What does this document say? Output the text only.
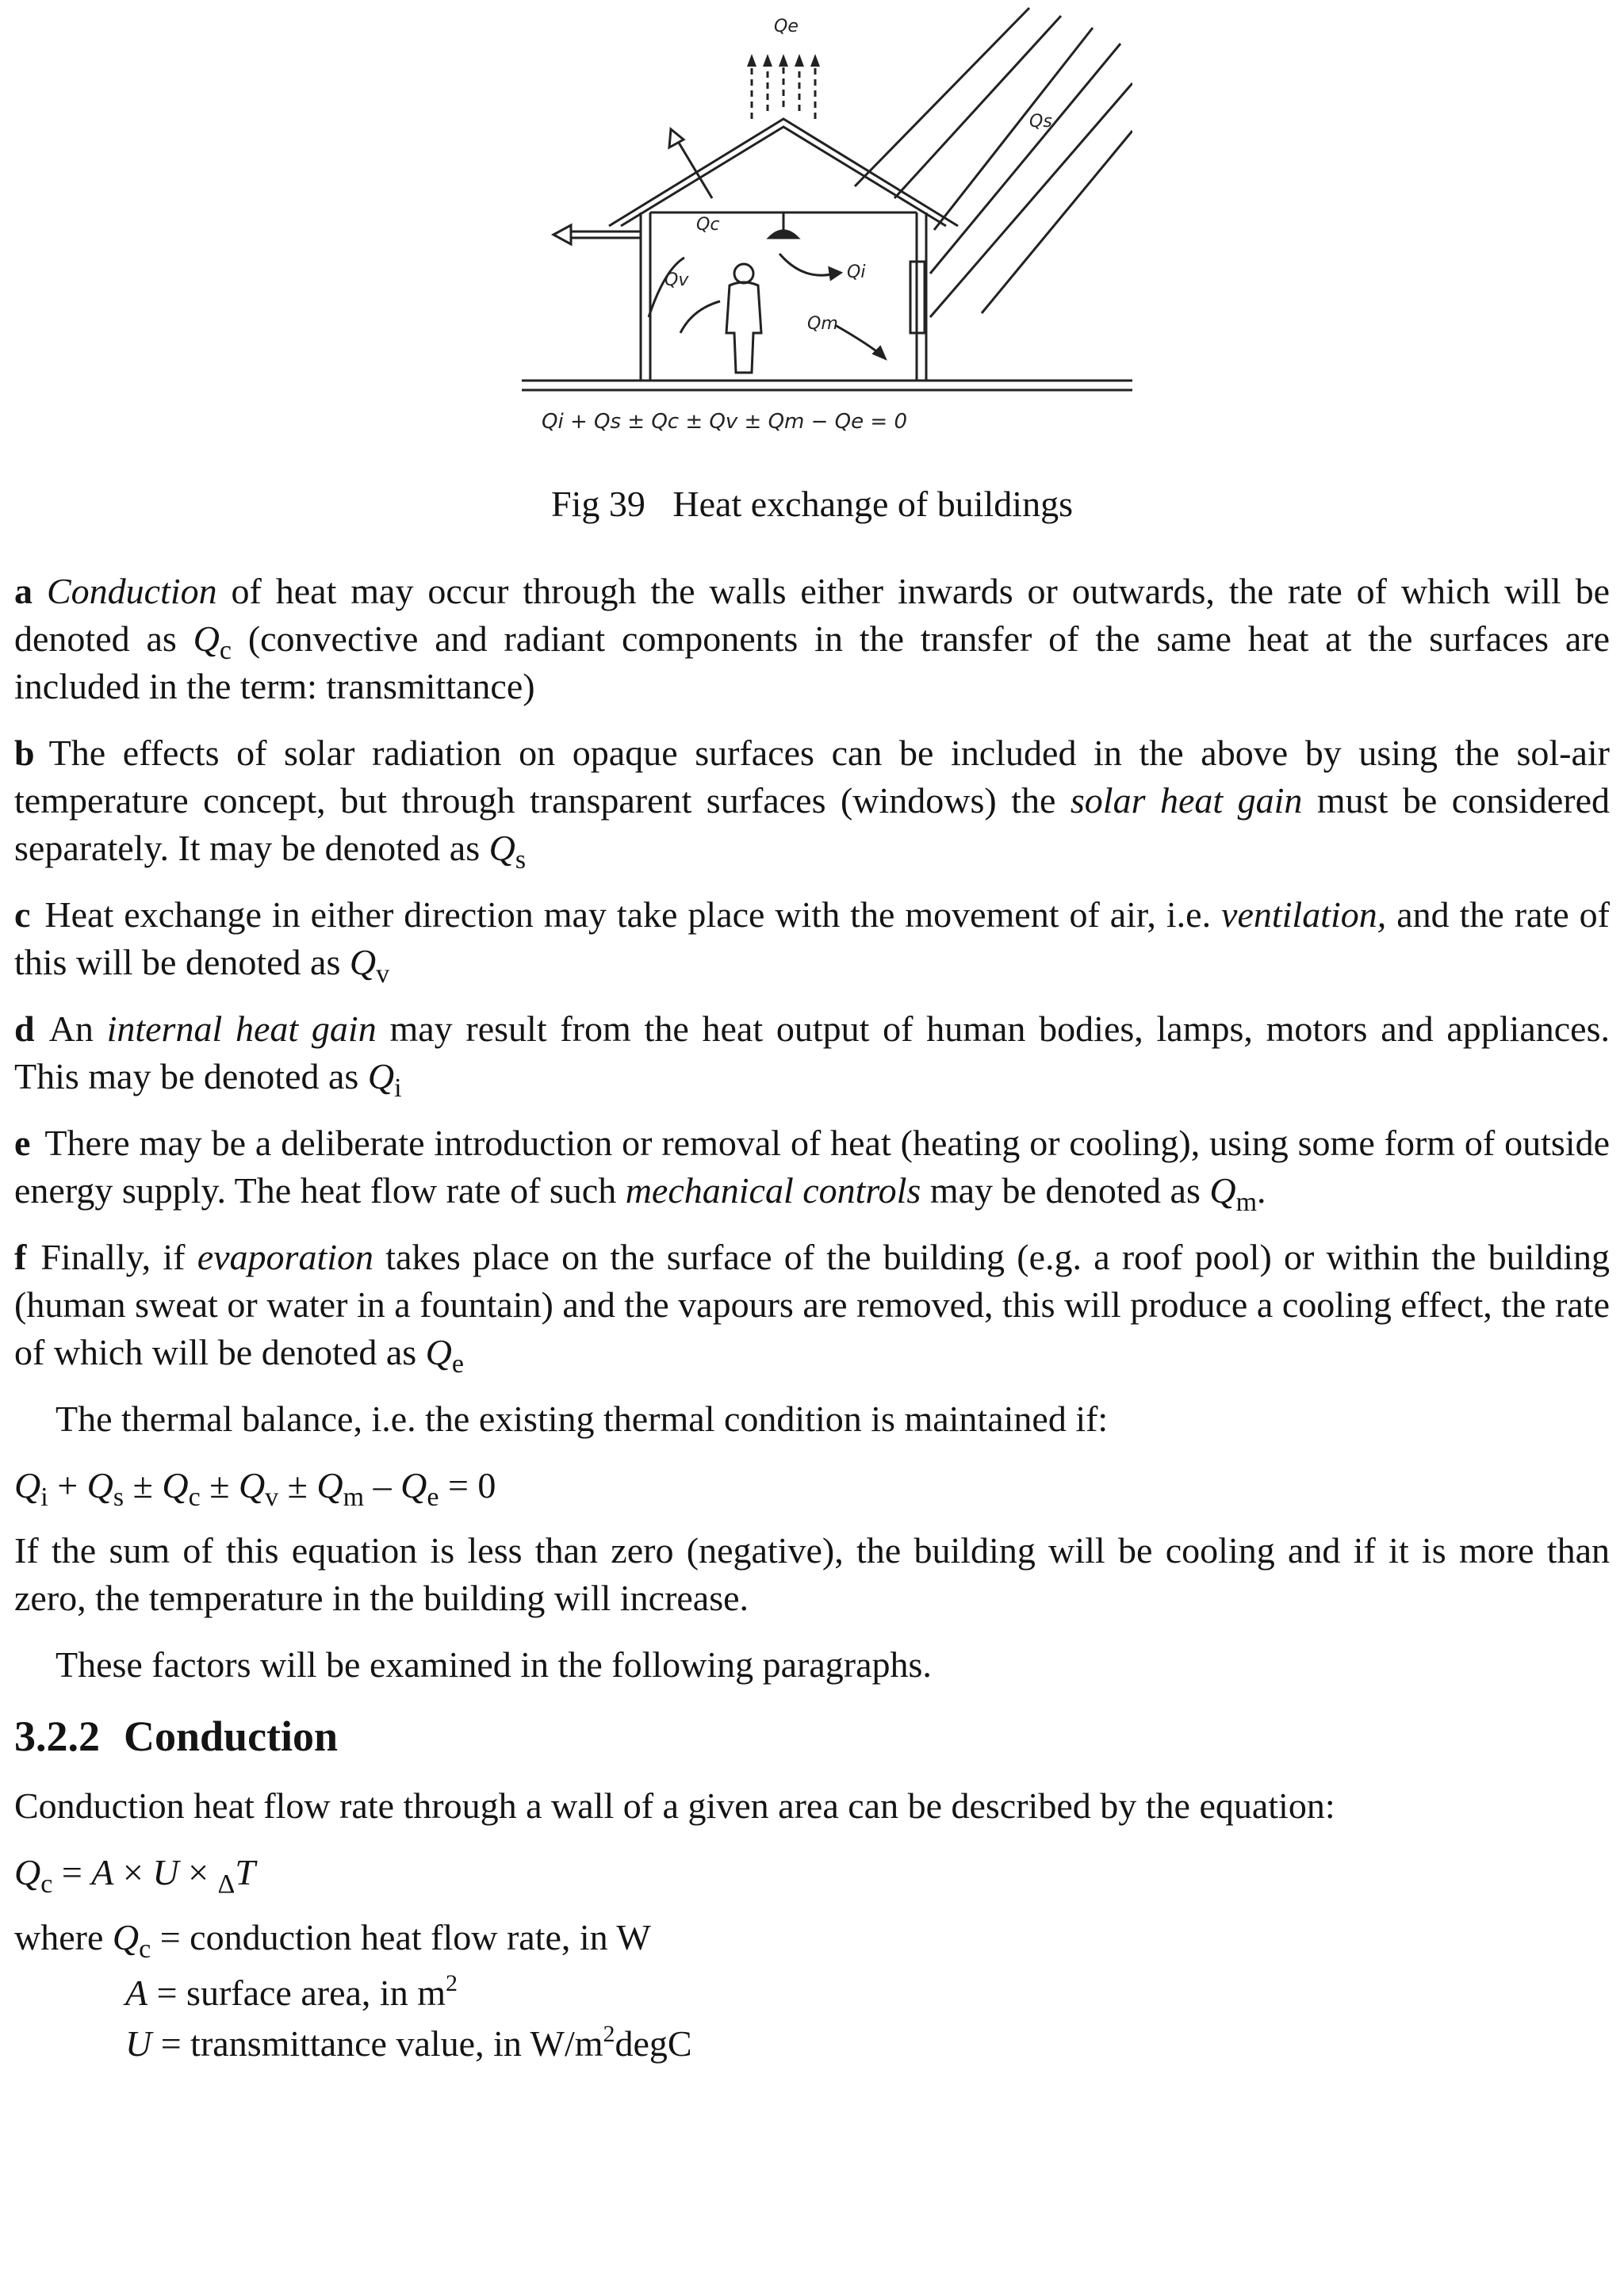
Qe
Qs
Qc
Qv	Qi
Qm
Qi + Qs ± Qc ± Qv ± Qm − Qe = 0
Fig 39 Heat exchange of buildings

a Conduction of heat may occur through the walls either inwards or outwards, the rate of which will be denoted as $Q_c$ (convective and radiant components in the transfer of the same heat at the surfaces are included in the term: transmittance)

b The effects of solar radiation on opaque surfaces can be included in the above by using the sol-air temperature concept, but through transparent surfaces (windows) the solar heat gain must be considered separately. It may be denoted as $Q_s$

c Heat exchange in either direction may take place with the movement of air, i.e. ventilation, and the rate of this will be denoted as $Q_v$

d An internal heat gain may result from the heat output of human bodies, lamps, motors and appliances. This may be denoted as $Q_i$

e There may be a deliberate introduction or removal of heat (heating or cooling), using some form of outside energy supply. The heat flow rate of such mechanical controls may be denoted as $Q_m$.

f Finally, if evaporation takes place on the surface of the building (e.g. a roof pool) or within the building (human sweat or water in a fountain) and the vapours are removed, this will produce a cooling effect, the rate of which will be denoted as $Q_e$

The thermal balance, i.e. the existing thermal condition is maintained if:

$Q_i + Q_s \pm Q_c \pm Q_v \pm Q_m - Q_e = 0$

If the sum of this equation is less than zero (negative), the building will be cooling and if it is more than zero, the temperature in the building will increase.

These factors will be examined in the following paragraphs.

3.2.2 Conduction

Conduction heat flow rate through a wall of a given area can be described by the equation:

$Q_c = A \times U \times _\Delta T$

where $Q_c$ = conduction heat flow rate, in W
A = surface area, in $m^2$
U = transmittance value, in $W/m^2degC$
